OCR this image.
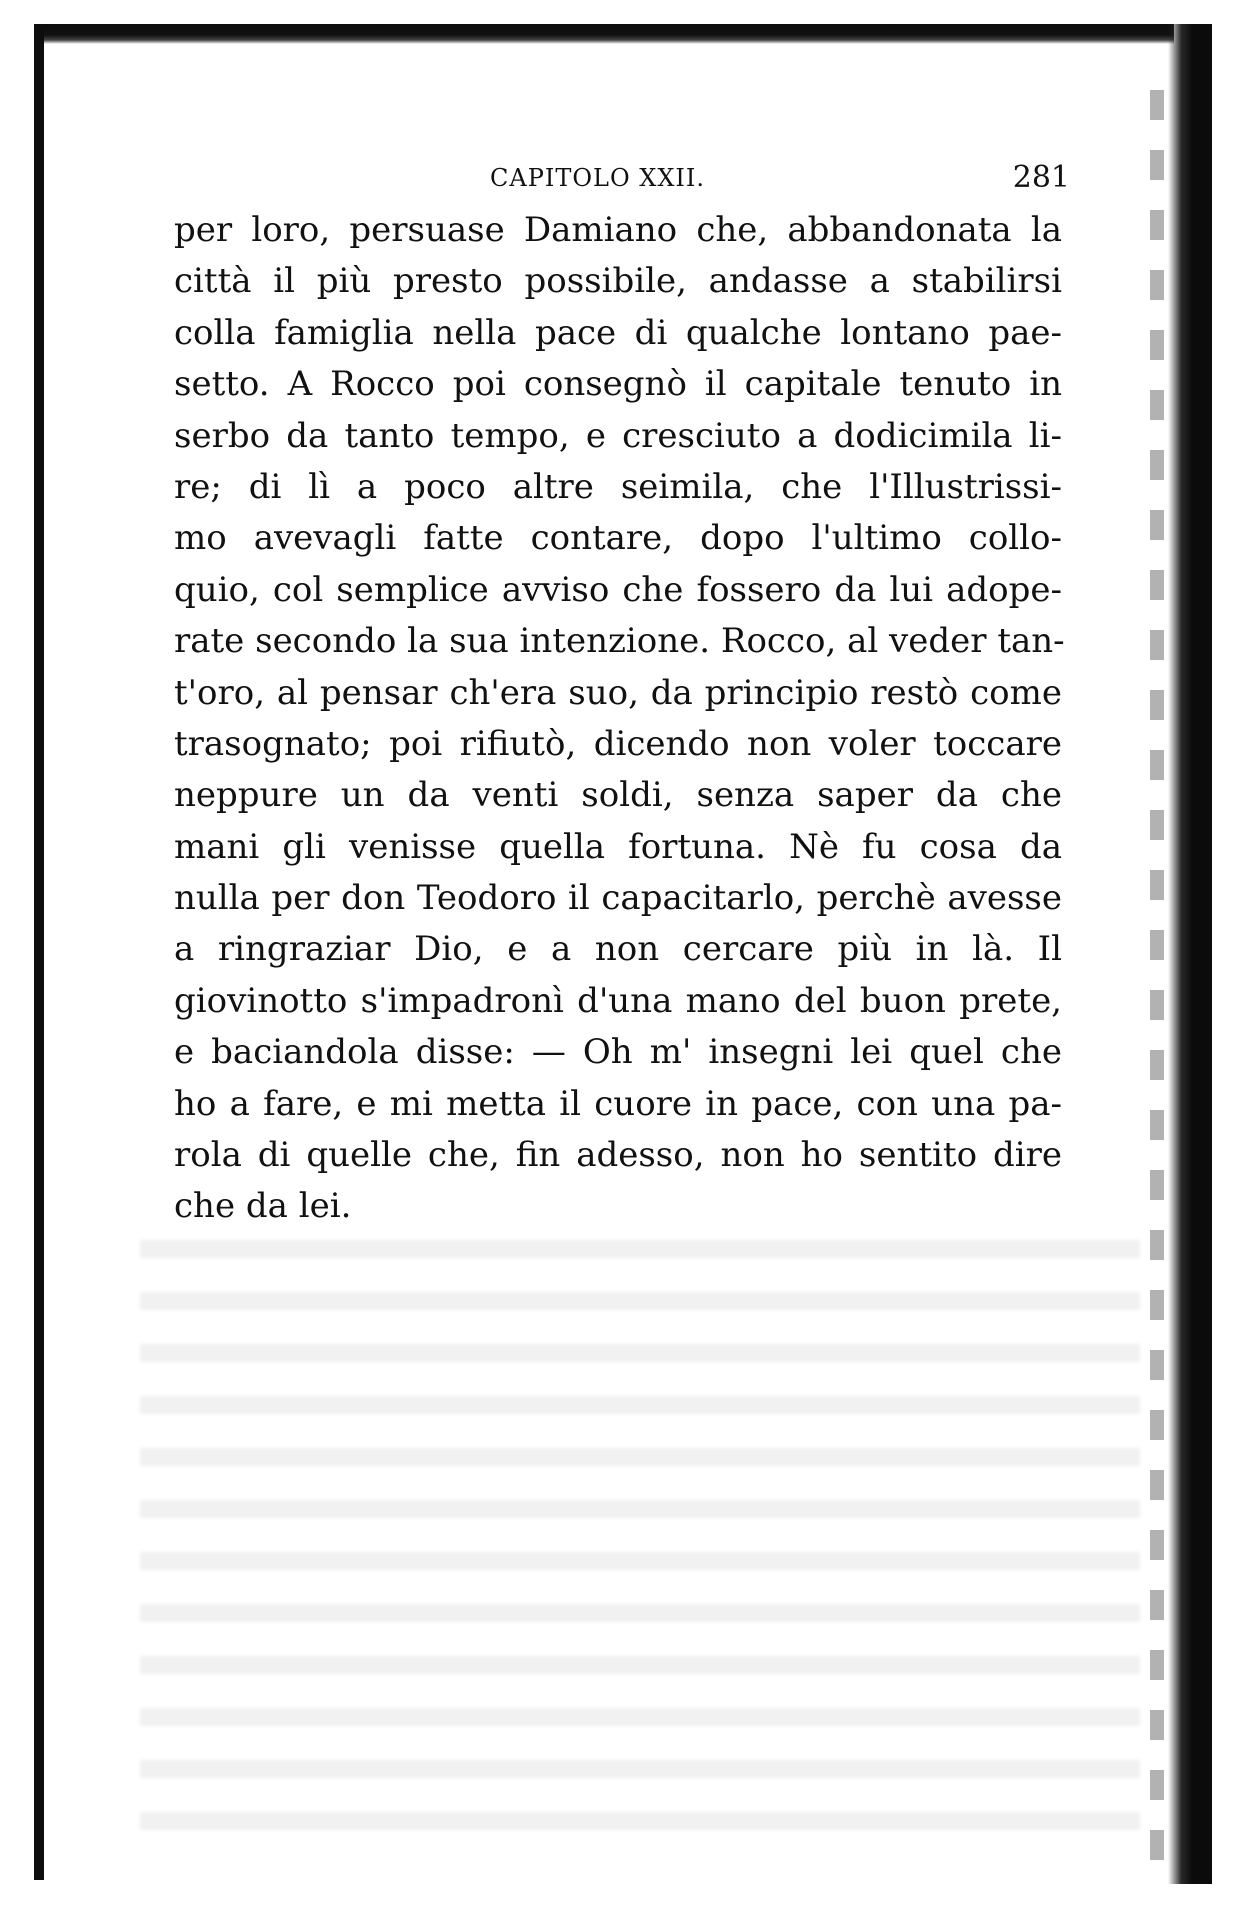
CAPITOLO XXII.	281
per loro, persuase Damiano che, abbandonata la
città il più presto possibile, andasse a stabilirsi
colla famiglia nella pace di qualche lontano pae-
setto. A Rocco poi consegnò il capitale tenuto in
serbo da tanto tempo, e cresciuto a dodicimila li-
re; di lì a poco altre seimila, che l'Illustrissi-
mo avevagli fatte contare, dopo l'ultimo collo-
quio, col semplice avviso che fossero da lui adope-
rate secondo la sua intenzione. Rocco, al veder tan-
t'oro, al pensar ch'era suo, da principio restò come
trasognato; poi rifiutò, dicendo non voler toccare
neppure un da venti soldi, senza saper da che
mani gli venisse quella fortuna. Nè fu cosa da
nulla per don Teodoro il capacitarlo, perchè avesse
a ringraziar Dio, e a non cercare più in là. Il
giovinotto s'impadronì d'una mano del buon prete,
e baciandola disse: — Oh m' insegni lei quel che
ho a fare, e mi metta il cuore in pace, con una pa-
rola di quelle che, fin adesso, non ho sentito dire
che da lei.
